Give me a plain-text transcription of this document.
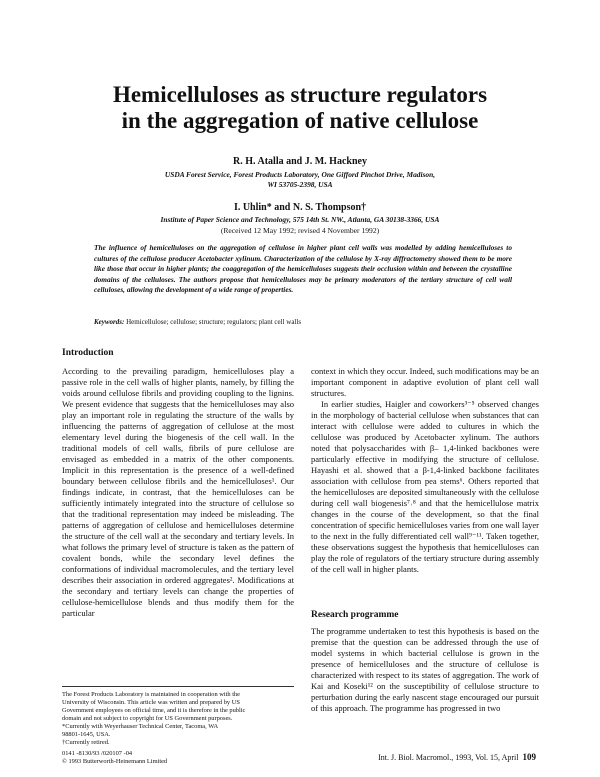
Hemicelluloses as structure regulators
in the aggregation of native cellulose
R. H. Atalla and J. M. Hackney
USDA Forest Service, Forest Products Laboratory, One Gifford Pinchot Drive, Madison,
WI 53705-2398, USA
I. Uhlin* and N. S. Thompson†
Institute of Paper Science and Technology, 575 14th St. NW., Atlanta, GA 30138-3366, USA
(Received 12 May 1992; revised 4 November 1992)
The influence of hemicelluloses on the aggregation of cellulose in higher plant cell walls was modelled by adding hemicelluloses to cultures of the cellulose producer Acetobacter xylinum. Characterization of the cellulose by X-ray diffractometry showed them to be more like those that occur in higher plants; the coaggregation of the hemicelluloses suggests their occlusion within and between the crystalline domains of the celluloses. The authors propose that hemicelluloses may be primary moderators of the tertiary structure of cell wall celluloses, allowing the development of a wide range of properties.
Keywords: Hemicellulose; cellulose; structure; regulators; plant cell walls
Introduction

According to the prevailing paradigm, hemicelluloses play a passive role in the cell walls of higher plants, namely, by filling the voids around cellulose fibrils and providing coupling to the lignins. We present evidence that suggests that the hemicelluloses may also play an important role in regulating the structure of the walls by influencing the patterns of aggregation of cellulose at the most elementary level during the biogenesis of the cell wall. In the traditional models of cell walls, fibrils of pure cellulose are envisaged as embedded in a matrix of the other components. Implicit in this representation is the presence of a well-defined boundary between cellulose fibrils and the hemicelluloses¹. Our findings indicate, in contrast, that the hemicelluloses can be sufficiently intimately integrated into the structure of cellulose so that the traditional representation may indeed be misleading. The patterns of aggregation of cellulose and hemicelluloses determine the structure of the cell wall at the secondary and tertiary levels. In what follows the primary level of structure is taken as the pattern of covalent bonds, while the secondary level defines the conformations of individual macromolecules, and the tertiary level describes their association in ordered aggregates². Modifications at the secondary and tertiary levels can change the properties of cellulose-hemicellulose blends and thus modify them for the particular

context in which they occur. Indeed, such modifications may be an important component in adaptive evolution of plant cell wall structures.

In earlier studies, Haigler and coworkers³⁻⁵ observed changes in the morphology of bacterial cellulose when substances that can interact with cellulose were added to cultures in which the cellulose was produced by Acetobacter xylinum. The authors noted that polysaccharides with β– 1,4-linked backbones were particularly effective in modifying the structure of cellulose. Hayashi et al. showed that a β-1,4-linked backbone facilitates association with cellulose from pea stems⁶. Others reported that the hemicelluloses are deposited simultaneously with the cellulose during cell wall biogenesis⁷˒⁸ and that the hemicellulose matrix changes in the course of the development, so that the final concentration of specific hemicelluloses varies from one wall layer to the next in the fully differentiated cell wall⁹⁻¹¹. Taken together, these observations suggest the hypothesis that hemicelluloses can play the role of regulators of the tertiary structure during assembly of the cell wall in higher plants.

Research programme

The programme undertaken to test this hypothesis is based on the premise that the question can be addressed through the use of model systems in which bacterial cellulose is grown in the presence of hemicelluloses and the structure of cellulose is characterized with respect to its states of aggregation. The work of Kai and Koseki¹² on the susceptibility of cellulose structure to perturbation during the early nascent stage encouraged our pursuit of this approach. The programme has progressed in two

The Forest Products Laboratory is maintained in cooperation with the
University of Wisconsin. This article was written and prepared by US
Government employees on official time, and it is therefore in the public
domain and not subject to copyright for US Government purposes.
*Currently with Weyerhauser Technical Center, Tacoma, WA
98801-1645, USA.
†Currently retired.
0141 -8130/93 /020107 -04
© 1993 Butterworth-Heinemann Limited	Int. J. Biol. Macromol., 1993, Vol. 15, April 109
